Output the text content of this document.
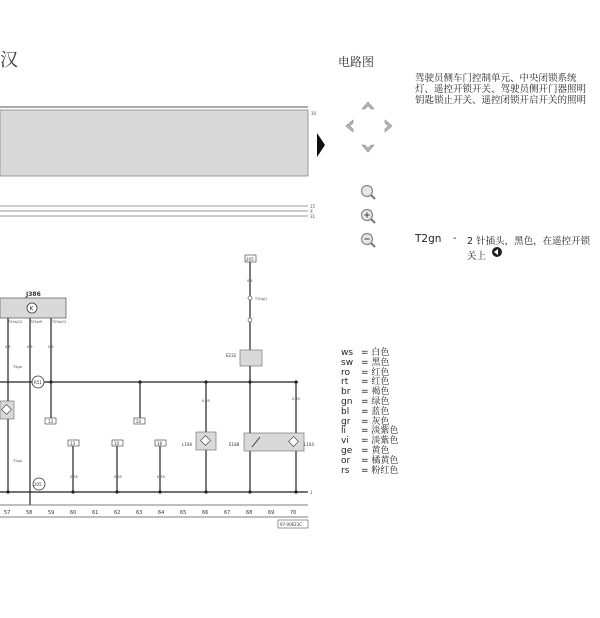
汉
30
15
X
31
J386
K
T29a/12 T29a/9	T29a/12
0.5	0.5	0.5
R51
T2go
T2go
205
13	20
13	10	18
0.35	0.35	0.35
205
T10g/1
0.5
E232
0.35	0.35
L108	E188	L104
1
57	58	59	60	61	62	63	64	65	66	67	68	69	70
97-00623C
电路图
驾驶员侧车门控制单元、中央闭锁系统
灯、遥控开锁开关、驾驶员侧开门器照明
钥匙锁止开关、遥控闭锁开启开关的照明
T2gn - 2 针插头，黑色，在遥控开锁
关上
ws = 白色
sw = 黑色
ro = 红色
rt = 红色
br = 褐色
gn = 绿色
bl = 蓝色
gr = 灰色
li = 淡紫色
vi = 淡紫色
ge = 黄色
or = 橘黄色
rs = 粉红色
